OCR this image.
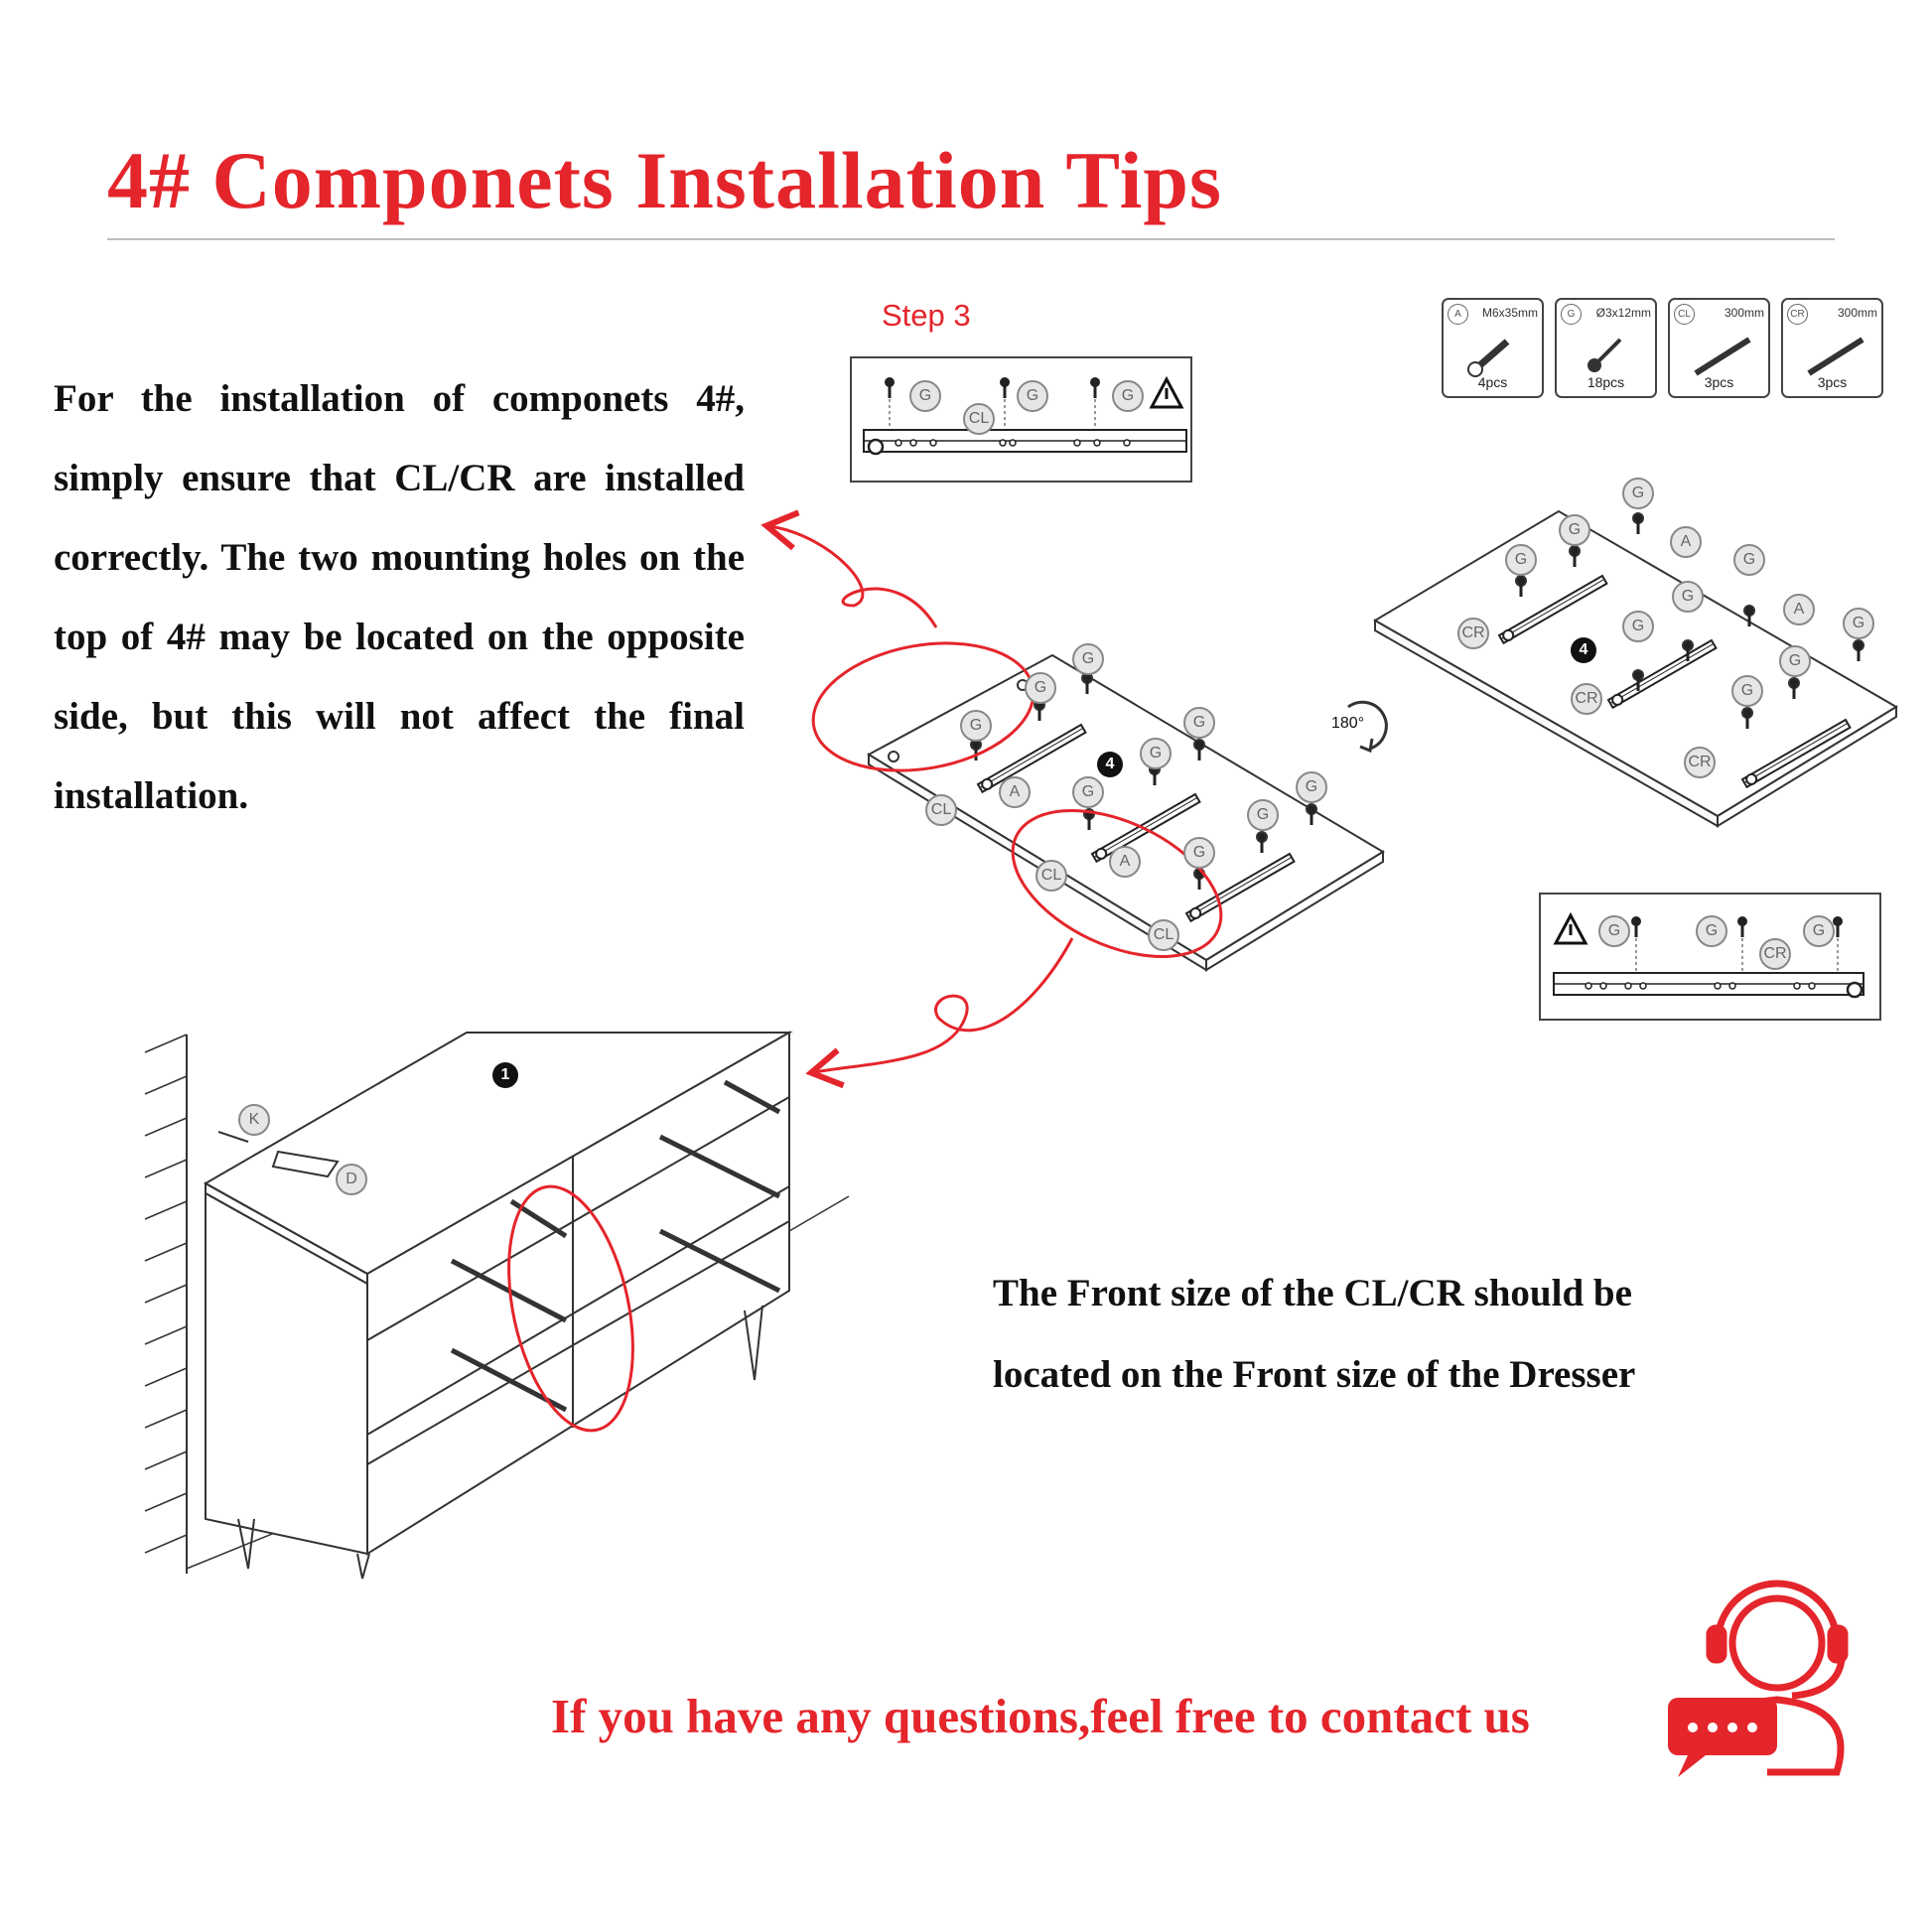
4# Componets Installation Tips
For the installation of componets 4#, simply ensure that CL/CR are installed correctly. The two mounting holes on the top of 4# may be located on the opposite side, but this will not affect the final installation.
Step 3	A	M6x35mm
4pcs
G	Ø3x12mm
18pcs
CL	300mm
3pcs
CR	300mm
3pcs
G	G	G
CL
G	G	G
CR
4
G
G
G	G
G
G	G
G
G
A
A
CL
CL
CL
4
G
G
G	G
G
G	G
G
G
A
A
CR
CR
CR
180°
1
K
D
The Front size of the CL/CR should be
located on the Front size of the Dresser
If you have any questions,feel free to contact us
